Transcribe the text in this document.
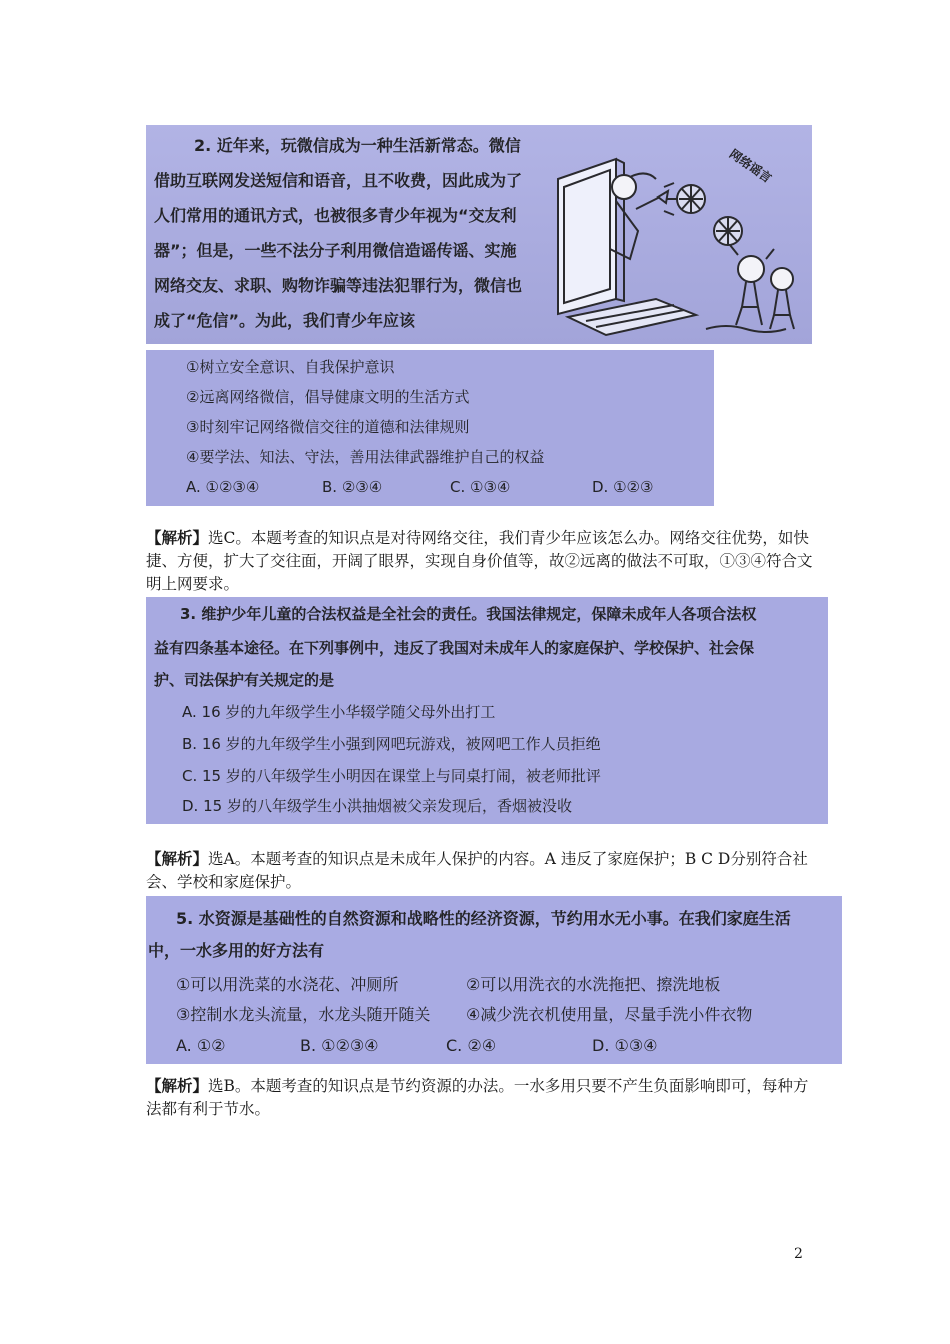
2. 近年来，玩微信成为一种生活新常态。微信
借助互联网发送短信和语音，且不收费，因此成为了
人们常用的通讯方式，也被很多青少年视为“交友利
器”；但是，一些不法分子利用微信造谣传谣、实施
网络交友、求职、购物诈骗等违法犯罪行为，微信也
成了“危信”。为此，我们青少年应该
网络谣言
①树立安全意识、自我保护意识
②远离网络微信，倡导健康文明的生活方式
③时刻牢记网络微信交往的道德和法律规则
④要学法、知法、守法，善用法律武器维护自己的权益
A. ①②③④	B. ②③④	C. ①③④	D. ①②③
【解析】选C。本题考查的知识点是对待网络交往，我们青少年应该怎么办。网络交往优势，如快捷、方便，扩大了交往面，开阔了眼界，实现自身价值等，故②远离的做法不可取，①③④符合文明上网要求。
3. 维护少年儿童的合法权益是全社会的责任。我国法律规定，保障未成年人各项合法权
益有四条基本途径。在下列事例中，违反了我国对未成年人的家庭保护、学校保护、社会保
护、司法保护有关规定的是
A. 16 岁的九年级学生小华辍学随父母外出打工
B. 16 岁的九年级学生小强到网吧玩游戏，被网吧工作人员拒绝
C. 15 岁的八年级学生小明因在课堂上与同桌打闹，被老师批评
D. 15 岁的八年级学生小洪抽烟被父亲发现后，香烟被没收
【解析】选A。本题考查的知识点是未成年人保护的内容。A 违反了家庭保护；B C D分别符合社会、学校和家庭保护。
5. 水资源是基础性的自然资源和战略性的经济资源，节约用水无小事。在我们家庭生活
中，一水多用的好方法有
①可以用洗菜的水浇花、冲厕所	②可以用洗衣的水洗拖把、擦洗地板
③控制水龙头流量，水龙头随开随关 ④减少洗衣机使用量，尽量手洗小件衣物
A. ①②	B. ①②③④	C. ②④	D. ①③④
【解析】选B。本题考查的知识点是节约资源的办法。一水多用只要不产生负面影响即可，每种方法都有利于节水。
2
